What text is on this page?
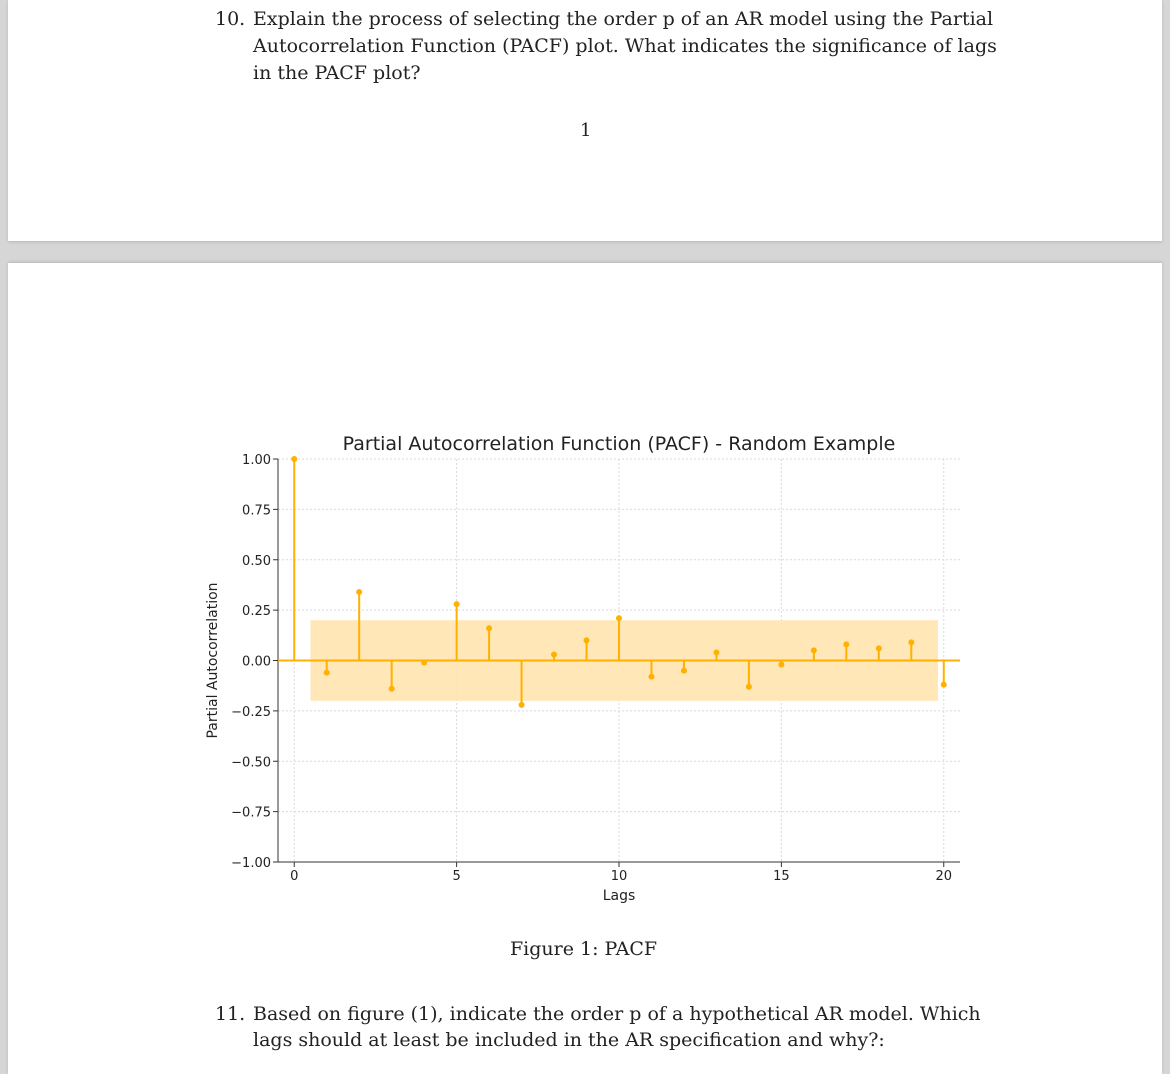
10. Explain the process of selecting the order p of an AR model using the Partial
Autocorrelation Function (PACF) plot. What indicates the significance of lags
in the PACF plot?
1
−1.00
−0.75
−0.50
−0.25
0.00
0.25
0.50
0.75
1.00
0	5	10	15	20
Partial Autocorrelation Function (PACF) - Random Example
Lags
Partial Autocorrelation
Figure 1: PACF
11. Based on figure (1), indicate the order p of a hypothetical AR model. Which
lags should at least be included in the AR specification and why?:
